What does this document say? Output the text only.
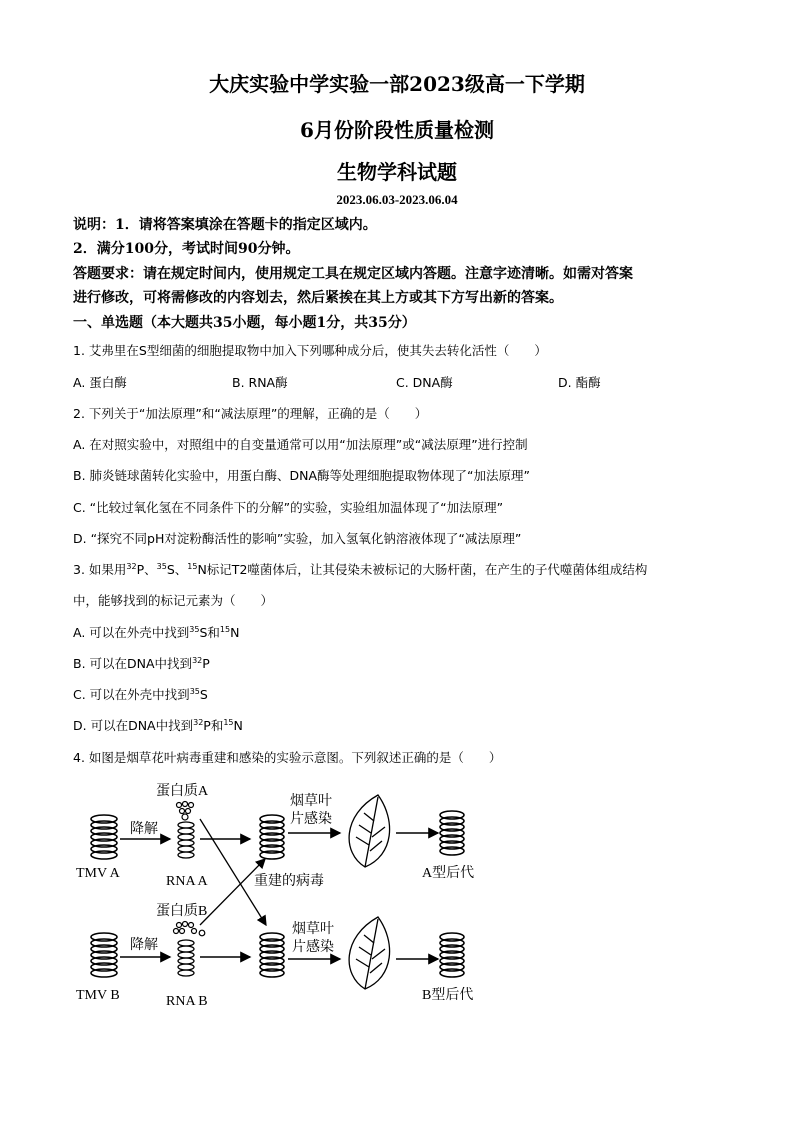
大庆实验中学实验一部2023级高一下学期
6月份阶段性质量检测
生物学科试题
2023.06.03-2023.06.04
说明：1．请将答案填涂在答题卡的指定区域内。
2．满分100分，考试时间90分钟。
答题要求：请在规定时间内，使用规定工具在规定区域内答题。注意字迹清晰。如需对答案
进行修改，可将需修改的内容划去，然后紧挨在其上方或其下方写出新的答案。
一、单选题（本大题共35小题，每小题1分，共35分）
1. 艾弗里在S型细菌的细胞提取物中加入下列哪种成分后，使其失去转化活性（　　）
A. 蛋白酶	B. RNA酶	C. DNA酶	D. 酯酶
2. 下列关于“加法原理”和“减法原理”的理解，正确的是（　　）
A. 在对照实验中，对照组中的自变量通常可以用“加法原理”或“减法原理”进行控制
B. 肺炎链球菌转化实验中，用蛋白酶、DNA酶等处理细胞提取物体现了“加法原理”
C. “比较过氧化氢在不同条件下的分解”的实验，实验组加温体现了“加法原理”
D. “探究不同pH对淀粉酶活性的影响”实验，加入氢氧化钠溶液体现了“减法原理”
3. 如果用$^{32}$P、$^{35}$S、$^{15}$N标记T2噬菌体后，让其侵染未被标记的大肠杆菌，在产生的子代噬菌体组成结构
中，能够找到的标记元素为（　　）
A. 可以在外壳中找到$^{35}$S和$^{15}$N
B. 可以在DNA中找到$^{32}$P
C. 可以在外壳中找到$^{35}$S
D. 可以在DNA中找到$^{32}$P和$^{15}$N
4. 如图是烟草花叶病毒重建和感染的实验示意图。下列叙述正确的是（　　）
降解
蛋白质A
烟草叶
片感染
TMV A
RNA A	重建的病毒
A型后代
降解
蛋白质B
烟草叶
片感染
TMV B	RNA B	B型后代
